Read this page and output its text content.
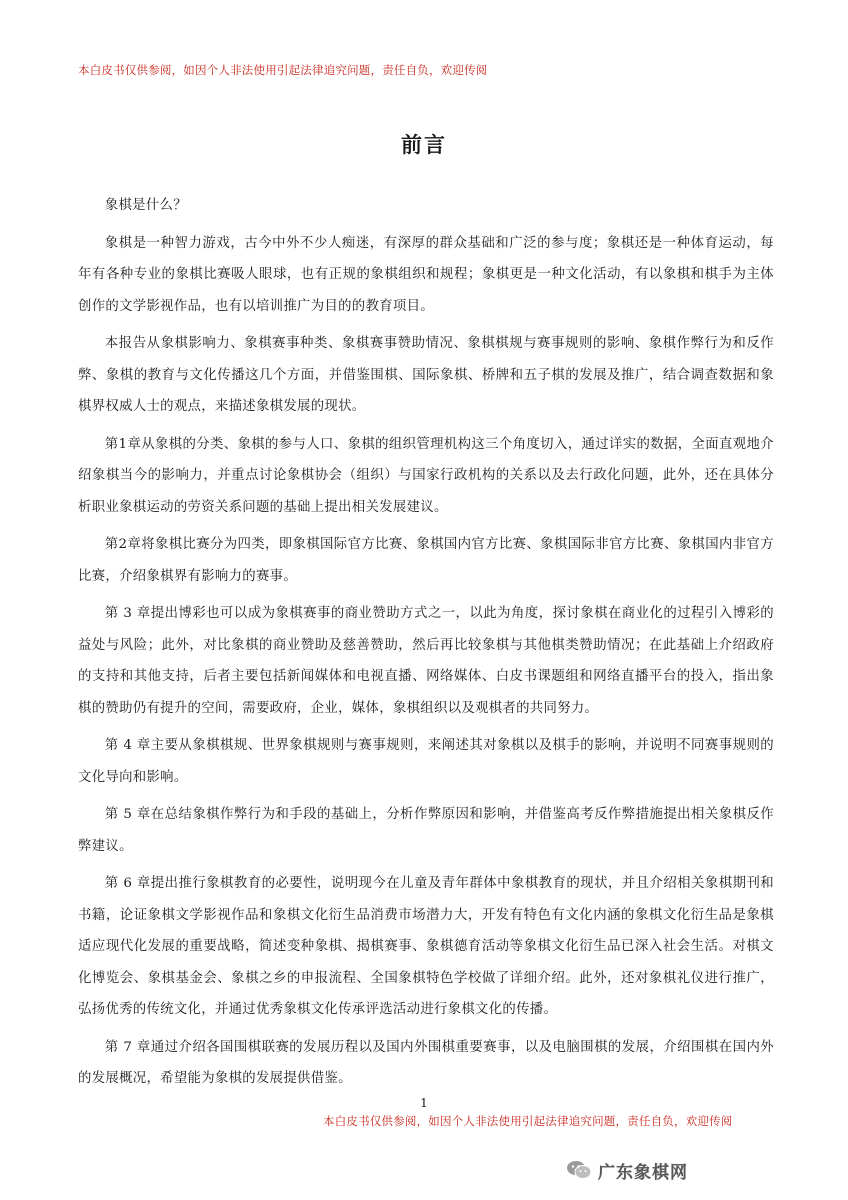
本白皮书仅供参阅，如因个人非法使用引起法律追究问题，责任自负，欢迎传阅
前言

象棋是什么？

象棋是一种智力游戏，古今中外不少人痴迷，有深厚的群众基础和广泛的参与度；象棋还是一种体育运动，每年有各种专业的象棋比赛吸人眼球，也有正规的象棋组织和规程；象棋更是一种文化活动，有以象棋和棋手为主体创作的文学影视作品，也有以培训推广为目的的教育项目。

本报告从象棋影响力、象棋赛事种类、象棋赛事赞助情况、象棋棋规与赛事规则的影响、象棋作弊行为和反作弊、象棋的教育与文化传播这几个方面，并借鉴围棋、国际象棋、桥牌和五子棋的发展及推广，结合调查数据和象棋界权威人士的观点，来描述象棋发展的现状。

第1章从象棋的分类、象棋的参与人口、象棋的组织管理机构这三个角度切入，通过详实的数据，全面直观地介绍象棋当今的影响力，并重点讨论象棋协会（组织）与国家行政机构的关系以及去行政化问题，此外，还在具体分析职业象棋运动的劳资关系问题的基础上提出相关发展建议。

第2章将象棋比赛分为四类，即象棋国际官方比赛、象棋国内官方比赛、象棋国际非官方比赛、象棋国内非官方比赛，介绍象棋界有影响力的赛事。

第 3 章提出博彩也可以成为象棋赛事的商业赞助方式之一，以此为角度，探讨象棋在商业化的过程引入博彩的益处与风险；此外，对比象棋的商业赞助及慈善赞助，然后再比较象棋与其他棋类赞助情况；在此基础上介绍政府的支持和其他支持，后者主要包括新闻媒体和电视直播、网络媒体、白皮书课题组和网络直播平台的投入，指出象棋的赞助仍有提升的空间，需要政府，企业，媒体，象棋组织以及观棋者的共同努力。

第 4 章主要从象棋棋规、世界象棋规则与赛事规则，来阐述其对象棋以及棋手的影响，并说明不同赛事规则的文化导向和影响。

第 5 章在总结象棋作弊行为和手段的基础上，分析作弊原因和影响，并借鉴高考反作弊措施提出相关象棋反作弊建议。

第 6 章提出推行象棋教育的必要性，说明现今在儿童及青年群体中象棋教育的现状，并且介绍相关象棋期刊和书籍，论证象棋文学影视作品和象棋文化衍生品消费市场潜力大，开发有特色有文化内涵的象棋文化衍生品是象棋适应现代化发展的重要战略，简述变种象棋、揭棋赛事、象棋德育活动等象棋文化衍生品已深入社会生活。对棋文化博览会、象棋基金会、象棋之乡的申报流程、全国象棋特色学校做了详细介绍。此外，还对象棋礼仪进行推广，弘扬优秀的传统文化，并通过优秀象棋文化传承评选活动进行象棋文化的传播。

第 7 章通过介绍各国围棋联赛的发展历程以及国内外围棋重要赛事，以及电脑围棋的发展，介绍围棋在国内外的发展概况，希望能为象棋的发展提供借鉴。

1
本白皮书仅供参阅，如因个人非法使用引起法律追究问题，责任自负，欢迎传阅
广东象棋网
